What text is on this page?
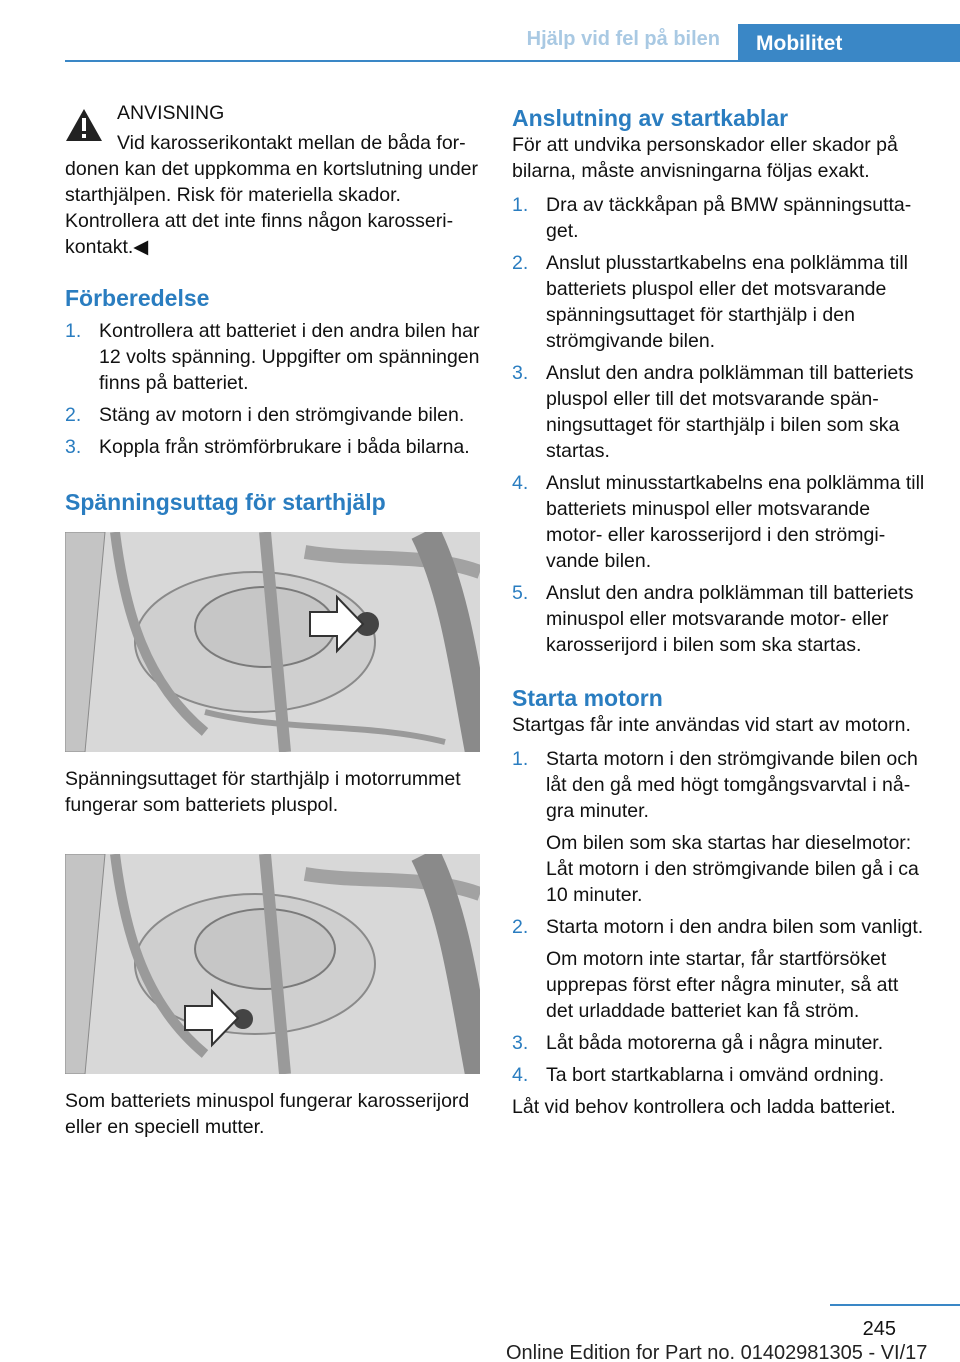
Hjälp vid fel på bilen	Mobilitet
ANVISNING

Vid karosserikontakt mellan de båda fordonen kan det uppkomma en kortslutning under starthjälpen. Risk för materiella skador. Kontrollera att det inte finns någon karosserikontakt.◀

Förberedelse
1. Kontrollera att batteriet i den andra bilen har 12 volts spänning. Uppgifter om spänningen finns på batteriet.
2. Stäng av motorn i den strömgivande bilen.
3. Koppla från strömförbrukare i båda bilarna.
Spänningsuttag för starthjälp

Spänningsuttaget för starthjälp i motorrummet fungerar som batteriets pluspol.

Som batteriets minuspol fungerar karosserijord eller en speciell mutter.

Anslutning av startkablar

För att undvika personskador eller skador på bilarna, måste anvisningarna följas exakt.

1. Dra av täckkåpan på BMW spänningsuttaget.
2. Anslut plusstartkabelns ena polklämma till batteriets pluspol eller det motsvarande spänningsuttaget för starthjälp i den strömgivande bilen.
3. Anslut den andra polklämman till batteriets pluspol eller till det motsvarande spänningsuttaget för starthjälp i bilen som ska startas.
4. Anslut minusstartkabelns ena polklämma till batteriets minuspol eller motsvarande motor- eller karosserijord i den strömgivande bilen.
5. Anslut den andra polklämman till batteriets minuspol eller motsvarande motor- eller karosserijord i bilen som ska startas.
Starta motorn

Startgas får inte användas vid start av motorn.

1. Starta motorn i den strömgivande bilen och låt den gå med högt tomgångsvarvtal i några minuter.
Om bilen som ska startas har dieselmotor: Låt motorn i den strömgivande bilen gå i ca 10 minuter.
2. Starta motorn i den andra bilen som vanligt.
Om motorn inte startar, får startförsöket upprepas först efter några minuter, så att det urladdade batteriet kan få ström.
3. Låt båda motorerna gå i några minuter.
4. Ta bort startkablarna i omvänd ordning.

Låt vid behov kontrollera och ladda batteriet.

245
Online Edition for Part no. 01402981305 - VI/17
